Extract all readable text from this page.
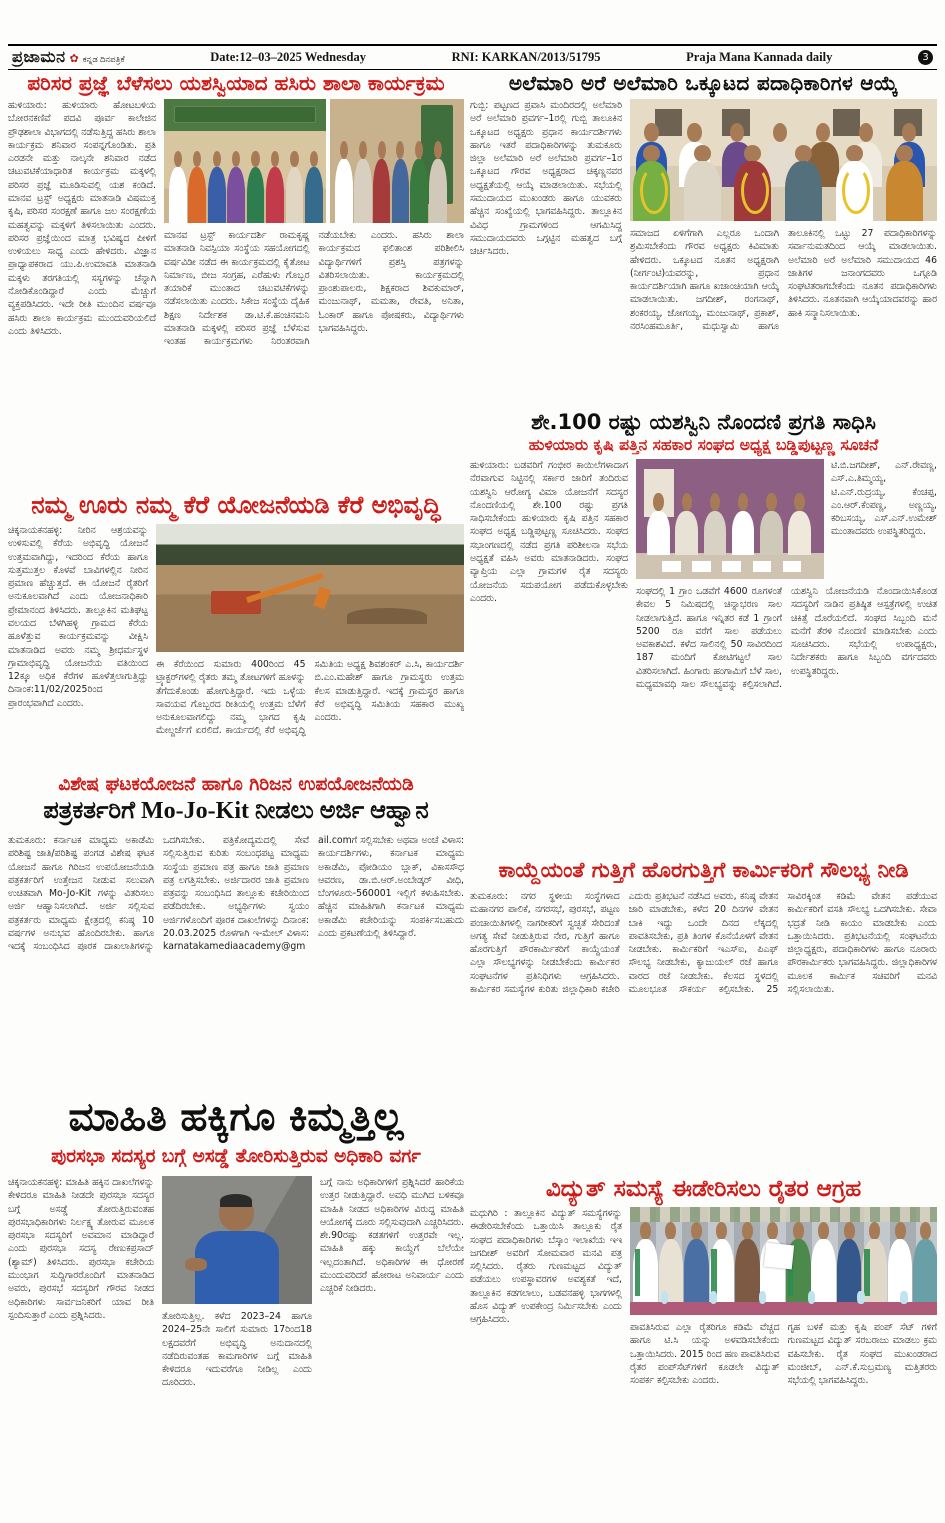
ಪ್ರಜಾಮನ ✿ ಕನ್ನಡ ದಿನಪತ್ರಿಕೆ	Date:12–03–2025 Wednesday	RNI: KARKAN/2013/51795	Praja Mana Kannada daily	3
ಪರಿಸರ ಪ್ರಜ್ಞೆ ಬೆಳೆಸಲು ಯಶಸ್ವಿಯಾದ ಹಸಿರು ಶಾಲಾ ಕಾರ್ಯಕ್ರಮ
ಹುಳಿಯಾರು: ಹುಳಿಯಾರು ಹೋಟಬಳಿಯ ಬೋರನಕಣಿವೆ ಪದವಿ ಪೂರ್ವ ಕಾಲೇಜಿನ ಪ್ರೌಢಶಾಲಾ ವಿಭಾಗದಲ್ಲಿ ನಡೆಸುತ್ತಿದ್ದ ಹಸಿರು ಶಾಲಾ ಕಾರ್ಯಕ್ರಮ ಶನಿವಾರ ಸಂಪನ್ನಗೊಂಡಿತು. ಪ್ರತಿ ಎರಡನೇ ಮತ್ತು ನಾಲ್ಕನೇ ಶನಿವಾರ ನಡೆದ ಚಟುವಟಿಕೆಯಾಧಾರಿತ ಕಾರ್ಯಕ್ರಮ ಮಕ್ಕಳಲ್ಲಿ ಪರಿಸರ ಪ್ರಜ್ಞೆ ಮೂಡಿಸುವಲ್ಲಿ ಯಶ ಕಂಡಿದೆ. ಮಾನವ ಟ್ರಸ್ಟ್ ಅಧ್ಯಕ್ಷರು ಮಾತನಾಡಿ ವಿಷಮುಕ್ತ ಕೃಷಿ, ಪರಿಸರ ಸಂರಕ್ಷಣೆ ಹಾಗೂ ಜಲ ಸಂರಕ್ಷಣೆಯ ಮಹತ್ವವನ್ನು ಮಕ್ಕಳಿಗೆ ತಿಳಿಸಲಾಯಿತು ಎಂದರು. ಪರಿಸರ ಪ್ರಜ್ಞೆಯಿಂದ ಮಾತ್ರ ಭವಿಷ್ಯದ ಪೀಳಿಗೆ ಉಳಿಯಲು ಸಾಧ್ಯ ಎಂದು ಹೇಳಿದರು. ವಿಜ್ಞಾನ ಪ್ರಾಧ್ಯಾಪಕರಾದ ಯು.ಪಿ.ಉಮಾವತಿ ಮಾತನಾಡಿ ಮಕ್ಕಳು ತರಗತಿಯಲ್ಲಿ ಸಸ್ಯಗಳನ್ನು ಚೆನ್ನಾಗಿ ನೋಡಿಕೊಂಡಿದ್ದಾರೆ ಎಂದು ಮೆಚ್ಚುಗೆ ವ್ಯಕ್ತಪಡಿಸಿದರು. ಇದೇ ರೀತಿ ಮುಂದಿನ ವರ್ಷವೂ ಹಸಿರು ಶಾಲಾ ಕಾರ್ಯಕ್ರಮ ಮುಂದುವರಿಯಲಿದೆ ಎಂದು ತಿಳಿಸಿದರು.
ಮಾನವ ಟ್ರಸ್ಟ್ ಕಾರ್ಯದರ್ಶಿ ರಾಮಕೃಷ್ಣ ಮಾತನಾಡಿ ನಿವಸ್ಪಿಯಾ ಸಂಸ್ಥೆಯ ಸಹಯೋಗದಲ್ಲಿ ವರ್ಷವಿಡೀ ನಡೆದ ಈ ಕಾರ್ಯಕ್ರಮದಲ್ಲಿ ಕೈತೋಟ ನಿರ್ಮಾಣ, ಬೀಜ ಸಂಗ್ರಹ, ಎರೆಹುಳು ಗೊಬ್ಬರ ತಯಾರಿಕೆ ಮುಂತಾದ ಚಟುವಟಿಕೆಗಳನ್ನು ನಡೆಸಲಾಯಿತು ಎಂದರು. ಸಿಕೇಜ ಸಂಸ್ಥೆಯ ದೈಹಿಕ ಶಿಕ್ಷಣ ನಿರ್ದೇಶಕ ಡಾ.ಟಿ.ಕೆ.ಹಂಚಿನಮನಿ ಮಾತನಾಡಿ ಮಕ್ಕಳಲ್ಲಿ ಪರಿಸರ ಪ್ರಜ್ಞೆ ಬೆಳೆಸುವ ಇಂತಹ ಕಾರ್ಯಕ್ರಮಗಳು ನಿರಂತರವಾಗಿ ನಡೆಯಬೇಕು ಎಂದರು. ಹಸಿರು ಶಾಲಾ ಕಾರ್ಯಕ್ರಮದ ಫಲಿತಾಂಶ ಪರಿಶೀಲಿಸಿ ವಿದ್ಯಾರ್ಥಿಗಳಿಗೆ ಪ್ರಶಸ್ತಿ ಪತ್ರಗಳನ್ನು ವಿತರಿಸಲಾಯಿತು. ಕಾರ್ಯಕ್ರಮದಲ್ಲಿ ಪ್ರಾಂಶುಪಾಲರು, ಶಿಕ್ಷಕರಾದ ಶಿವಕುಮಾರ್, ಮಂಜುನಾಥ್, ಮಮತಾ, ರೇವತಿ, ಅನಿತಾ, ಓಂಕಾರ್ ಹಾಗೂ ಪೋಷಕರು, ವಿದ್ಯಾರ್ಥಿಗಳು ಭಾಗವಹಿಸಿದ್ದರು.
ಅಲೆಮಾರಿ ಅರೆ ಅಲೆಮಾರಿ ಒಕ್ಕೂಟದ ಪದಾಧಿಕಾರಿಗಳ ಆಯ್ಕೆ
ಗುಬ್ಬಿ: ಪಟ್ಟಣದ ಪ್ರವಾಸಿ ಮಂದಿರದಲ್ಲಿ ಅಲೆಮಾರಿ ಅರೆ ಅಲೆಮಾರಿ ಪ್ರವರ್ಗ–1ರಲ್ಲಿ ಗುಬ್ಬಿ ತಾಲೂಕಿನ ಒಕ್ಕೂಟದ ಅಧ್ಯಕ್ಷರು ಪ್ರಧಾನ ಕಾರ್ಯದರ್ಶಿಗಳು ಹಾಗೂ ಇತರೆ ಪದಾಧಿಕಾರಿಗಳನ್ನು ತುಮಕೂರು ಜಿಲ್ಲಾ ಅಲೆಮಾರಿ ಅರೆ ಅಲೆಮಾರಿ ಪ್ರವರ್ಗ–1ರ ಒಕ್ಕೂಟದ ಗೌರವ ಅಧ್ಯಕ್ಷರಾದ ಚಿಕ್ಕಣ್ಣನವರ ಅಧ್ಯಕ್ಷತೆಯಲ್ಲಿ ಆಯ್ಕೆ ಮಾಡಲಾಯಿತು. ಸಭೆಯಲ್ಲಿ ಸಮುದಾಯದ ಮುಖಂಡರು ಹಾಗೂ ಯುವಕರು ಹೆಚ್ಚಿನ ಸಂಖ್ಯೆಯಲ್ಲಿ ಭಾಗವಹಿಸಿದ್ದರು. ತಾಲ್ಲೂಕಿನ ವಿವಿಧ ಗ್ರಾಮಗಳಿಂದ ಆಗಮಿಸಿದ್ದ ಸಮುದಾಯದವರು ಒಗ್ಗಟ್ಟಿನ ಮಹತ್ವದ ಬಗ್ಗೆ ಚರ್ಚಿಸಿದರು.
ಸಮಾಜದ ಏಳಿಗೆಗಾಗಿ ಎಲ್ಲರೂ ಒಂದಾಗಿ ಶ್ರಮಿಸಬೇಕೆಂದು ಗೌರವ ಅಧ್ಯಕ್ಷರು ಕಿವಿಮಾತು ಹೇಳಿದರು. ಒಕ್ಕೂಟದ ನೂತನ ಅಧ್ಯಕ್ಷರಾಗಿ (ನೀರ್ಗಂಟಿ)ಯವರನ್ನು, ಪ್ರಧಾನ ಕಾರ್ಯದರ್ಶಿಯಾಗಿ ಹಾಗೂ ಖಜಾಂಚಿಯಾಗಿ ಆಯ್ಕೆ ಮಾಡಲಾಯಿತು. ಜಗದೀಶ್, ರಂಗನಾಥ್, ಶಂಕರಯ್ಯ, ಜೋಗಯ್ಯ, ಮಂಜುನಾಥ್, ಪ್ರಕಾಶ್, ನರಸಿಂಹಮೂರ್ತಿ, ಮಧುಸ್ವಾಮಿ ಹಾಗೂ ತಾಲೂಕಿನಲ್ಲಿ ಒಟ್ಟು 27 ಪದಾಧಿಕಾರಿಗಳನ್ನು ಸರ್ವಾನುಮತದಿಂದ ಆಯ್ಕೆ ಮಾಡಲಾಯಿತು. ಅಲೆಮಾರಿ ಅರೆ ಅಲೆಮಾರಿ ಸಮುದಾಯದ 46 ಜಾತಿಗಳ ಜನಾಂಗದವರು ಒಗ್ಗೂಡಿ ಸಂಘಟಿತರಾಗಬೇಕೆಂದು ನೂತನ ಪದಾಧಿಕಾರಿಗಳು ತಿಳಿಸಿದರು. ನೂತನವಾಗಿ ಆಯ್ಕೆಯಾದವರನ್ನು ಹಾರ ಹಾಕಿ ಸನ್ಮಾನಿಸಲಾಯಿತು.
ಶೇ.100 ರಷ್ಟು ಯಶಸ್ವಿನಿ ನೊಂದಣಿ ಪ್ರಗತಿ ಸಾಧಿಸಿ
ಹುಳಿಯಾರು ಕೃಷಿ ಪತ್ತಿನ ಸಹಕಾರ ಸಂಘದ ಅಧ್ಯಕ್ಷ ಬಡ್ಡಿಪುಟ್ಟಣ್ಣ ಸೂಚನೆ
ಹುಳಿಯಾರು: ಬಡವರಿಗೆ ಗಂಭೀರ ಕಾಯಿಲೆಗಳಾದಾಗ ನೆರವಾಗುವ ನಿಟ್ಟಿನಲ್ಲಿ ಸರ್ಕಾರ ಜಾರಿಗೆ ತಂದಿರುವ ಯಶಸ್ವಿನಿ ಆರೋಗ್ಯ ವಿಮಾ ಯೋಜನೆಗೆ ಸದಸ್ಯರ ನೊಂದಣಿಯಲ್ಲಿ ಶೇ.100 ರಷ್ಟು ಪ್ರಗತಿ ಸಾಧಿಸಬೇಕೆಂದು ಹುಳಿಯಾರು ಕೃಷಿ ಪತ್ತಿನ ಸಹಕಾರ ಸಂಘದ ಅಧ್ಯಕ್ಷ ಬಡ್ಡಿಪುಟ್ಟಣ್ಣ ಸೂಚಿಸಿದರು. ಸಂಘದ ಸಭಾಂಗಣದಲ್ಲಿ ನಡೆದ ಪ್ರಗತಿ ಪರಿಶೀಲನಾ ಸಭೆಯ ಅಧ್ಯಕ್ಷತೆ ವಹಿಸಿ ಅವರು ಮಾತನಾಡಿದರು. ಸಂಘದ ವ್ಯಾಪ್ತಿಯ ಎಲ್ಲಾ ಗ್ರಾಮಗಳ ರೈತ ಸದಸ್ಯರು ಯೋಜನೆಯ ಸದುಪಯೋಗ ಪಡೆದುಕೊಳ್ಳಬೇಕು ಎಂದರು.
ಟಿ.ಬಿ.ಜಗದೀಶ್, ಎನ್.ರೇವಣ್ಣ, ಎಸ್.ಎ.ತಿಮ್ಮಯ್ಯ, ಟಿ.ಎನ್.ರುದ್ರಯ್ಯ, ಕೆಂಚಪ್ಪ, ಎಂ.ಆರ್.ಕೆಂಪಣ್ಣ, ಅಣ್ಣಯ್ಯ, ಕರಿಬಸಯ್ಯ, ಎಸ್.ಎನ್.ಉಮೇಶ್ ಮುಂತಾದವರು ಉಪಸ್ಥಿತರಿದ್ದರು.
ಸಂಘದಲ್ಲಿ 1 ಗ್ರಾಂ ಒಡವೆಗೆ 4600 ರೂಗಳಂತೆ ಕೇವಲ 5 ನಿಮಿಷದಲ್ಲಿ ಚಿನ್ನಾಭರಣ ಸಾಲ ನೀಡಲಾಗುತ್ತಿದೆ. ಹಾಗೂ ಇನ್ನಿತರ ಕಡೆ 1 ಗ್ರಾಂಗೆ 5200 ರೂ ವರೆಗೆ ಸಾಲ ಪಡೆಯಲು ಅವಕಾಶವಿದೆ. ಕಳೆದ ಸಾಲಿನಲ್ಲಿ 50 ಸಾವಿರದಿಂದ 187 ಮಂದಿಗೆ ಕೋಟಿಗಟ್ಟಲೆ ಸಾಲ ವಿತರಿಸಲಾಗಿದೆ. ಹಿಂಗಾರು ಹಂಗಾಮಿಗೆ ಬೆಳೆ ಸಾಲ, ಮಧ್ಯಮಾವಧಿ ಸಾಲ ಸೌಲಭ್ಯವನ್ನು ಕಲ್ಪಿಸಲಾಗಿದೆ. ಯಶಸ್ವಿನಿ ಯೋಜನೆಯಡಿ ನೊಂದಾಯಿಸಿಕೊಂಡ ಸದಸ್ಯರಿಗೆ ನಾಡಿನ ಪ್ರತಿಷ್ಠಿತ ಆಸ್ಪತ್ರೆಗಳಲ್ಲಿ ಉಚಿತ ಚಿಕಿತ್ಸೆ ದೊರೆಯಲಿದೆ. ಸಂಘದ ಸಿಬ್ಬಂದಿ ಮನೆ ಮನೆಗೆ ತೆರಳಿ ನೊಂದಣಿ ಮಾಡಿಸಬೇಕು ಎಂದು ಸೂಚಿಸಿದರು. ಸಭೆಯಲ್ಲಿ ಉಪಾಧ್ಯಕ್ಷರು, ನಿರ್ದೇಶಕರು ಹಾಗೂ ಸಿಬ್ಬಂದಿ ವರ್ಗದವರು ಉಪಸ್ಥಿತರಿದ್ದರು.
ನಮ್ಮ ಊರು ನಮ್ಮ ಕೆರೆ ಯೋಜನೆಯಡಿ ಕೆರೆ ಅಭಿವೃದ್ಧಿ
ಚಿಕ್ಕನಾಯಕನಹಳ್ಳಿ: ನೀರಿನ ಆಶ್ರಯವನ್ನು ಉಳಿಸುವಲ್ಲಿ ಕೆರೆಯ ಅಭಿವೃದ್ಧಿ ಯೋಜನೆ ಉತ್ತಮವಾಗಿದ್ದು, ಇದರಿಂದ ಕೆರೆಯ ಹಾಗೂ ಸುತ್ತಮುತ್ತಲ ಕೊಳವೆ ಬಾವಿಗಳಲ್ಲಿನ ನೀರಿನ ಪ್ರಮಾಣ ಹೆಚ್ಚುತ್ತದೆ. ಈ ಯೋಜನೆ ರೈತರಿಗೆ ಅನುಕೂಲವಾಗಿದೆ ಎಂದು ಯೋಜನಾಧಿಕಾರಿ ಪ್ರೇಮಾನಂದ ತಿಳಿಸಿದರು. ತಾಲ್ಲೂಕಿನ ಮತಿಘಟ್ಟ ವಲಯದ ಬೆಳಗಿಹಳ್ಳಿ ಗ್ರಾಮದ ಕೆರೆಯ ಹೂಳೆತ್ತುವ ಕಾರ್ಯಕ್ರಮವನ್ನು ವೀಕ್ಷಿಸಿ ಮಾತನಾಡಿದ ಅವರು ನಮ್ಮ ಶ್ರೀಧರ್ಮಸ್ಥಳ ಗ್ರಾಮಾಭಿವೃದ್ಧಿ ಯೋಜನೆಯ ವತಿಯಿಂದ 12ಕ್ಕೂ ಅಧಿಕ ಕೆರೆಗಳ ಹೂಳೆತ್ತಲಾಗುತ್ತಿದ್ದು ದಿನಾಂಕ:11/02/2025ರಿಂದ ಪ್ರಾರಂಭವಾಗಿದೆ ಎಂದರು.
ಈ ಕೆರೆಯಿಂದ ಸುಮಾರು 400ರಿಂದ 45 ಟ್ರ್ಯಾಕ್ಟರ್‌ಗಳಲ್ಲಿ ರೈತರು ತಮ್ಮ ತೋಟಗಳಿಗೆ ಹೂಳನ್ನು ತೆಗೆದುಕೊಂಡು ಹೋಗುತ್ತಿದ್ದಾರೆ. ಇದು ಒಳ್ಳೆಯ ಸಾವಯವ ಗೊಬ್ಬರದ ರೀತಿಯಲ್ಲಿ ಉತ್ತಮ ಬೆಳೆಗೆ ಅನುಕೂಲವಾಗಲಿದ್ದು ನಮ್ಮ ಭಾಗದ ಕೃಷಿ ಮೇಲ್ದರ್ಜೆಗೆ ಏರಲಿದೆ. ಕಾರ್ಯದಲ್ಲಿ ಕೆರೆ ಅಭಿವೃದ್ಧಿ ಸಮಿತಿಯ ಅಧ್ಯಕ್ಷ ಶಿವಶಂಕರ್ ಎ.ಸಿ, ಕಾರ್ಯದರ್ಶಿ ಬಿ.ಎಂ.ಮಹೇಶ್ ಹಾಗೂ ಗ್ರಾಮಸ್ಥರು ಉತ್ತಮ ಕೆಲಸ ಮಾಡುತ್ತಿದ್ದಾರೆ. ಇದಕ್ಕೆ ಗ್ರಾಮಸ್ಥರ ಹಾಗೂ ಕೆರೆ ಅಭಿವೃದ್ಧಿ ಸಮಿತಿಯ ಸಹಕಾರ ಮುಖ್ಯ ಎಂದರು.
ವಿಶೇಷ ಘಟಕಯೋಜನೆ ಹಾಗೂ ಗಿರಿಜನ ಉಪಯೋಜನೆಯಡಿ
ಪತ್ರಕರ್ತರಿಗೆ Mo-Jo-Kit ನೀಡಲು ಅರ್ಜಿ ಆಹ್ವಾನ
ತುಮಕೂರು: ಕರ್ನಾಟಕ ಮಾಧ್ಯಮ ಅಕಾಡೆಮಿ ಪರಿಶಿಷ್ಟ ಜಾತಿ/ಪರಿಶಿಷ್ಟ ಪಂಗಡ ವಿಶೇಷ ಘಟಕ ಯೋಜನೆ ಹಾಗೂ ಗಿರಿಜನ ಉಪಯೋಜನೆಯಡಿ ಪತ್ರಕರ್ತರಿಗೆ ಉತ್ತೇಜನ ನೀಡುವ ಸಲುವಾಗಿ ಉಚಿತವಾಗಿ Mo-Jo-Kit ಗಳನ್ನು ವಿತರಿಸಲು ಅರ್ಜಿ ಆಹ್ವಾನಿಸಲಾಗಿದೆ. ಅರ್ಜಿ ಸಲ್ಲಿಸುವ ಪತ್ರಕರ್ತರು ಮಾಧ್ಯಮ ಕ್ಷೇತ್ರದಲ್ಲಿ ಕನಿಷ್ಠ 10 ವರ್ಷಗಳ ಅನುಭವ ಹೊಂದಿರಬೇಕು. ಹಾಗೂ ಇದಕ್ಕೆ ಸಂಬಂಧಿಸಿದ ಪೂರಕ ದಾಖಲಾತಿಗಳನ್ನು ಒದಗಿಸಬೇಕು. ಪತ್ರಿಕೋದ್ಯಮದಲ್ಲಿ ಸೇವೆ ಸಲ್ಲಿಸುತ್ತಿರುವ ಕುರಿತು ಸಂಬಂಧಪಟ್ಟ ಮಾಧ್ಯಮ ಸಂಸ್ಥೆಯ ಪ್ರಮಾಣ ಪತ್ರ ಹಾಗೂ ಜಾತಿ ಪ್ರಮಾಣ ಪತ್ರ ಲಗತ್ತಿಸಬೇಕು. ಅರ್ಜಿದಾರರ ಜಾತಿ ಪ್ರಮಾಣ ಪತ್ರವನ್ನು ಸಂಬಂಧಿಸಿದ ತಾಲ್ಲೂಕು ಕಚೇರಿಯಿಂದ ಪಡೆದಿರಬೇಕು. ಅಭ್ಯರ್ಥಿಗಳು ಸ್ವಯಂ ಅರ್ಜಿಗಳೊಂದಿಗೆ ಪೂರಕ ದಾಖಲೆಗಳನ್ನು ದಿನಾಂಕ: 20.03.2025 ರೊಳಗಾಗಿ ಇ-ಮೇಲ್ ವಿಳಾಸ: karnatakamediaacademy@gmail.comಗೆ ಸಲ್ಲಿಸಬೇಕು ಅಥವಾ ಅಂಚೆ ವಿಳಾಸ: ಕಾರ್ಯದರ್ಶಿಗಳು, ಕರ್ನಾಟಕ ಮಾಧ್ಯಮ ಅಕಾಡೆಮಿ, ಪೋಡಿಯಂ ಬ್ಲಾಕ್, ವಿಕಾಸಸೌಧ ಆವರಣ, ಡಾ.ಬಿ.ಆರ್.ಅಂಬೇಡ್ಕರ್ ವೀಧಿ, ಬೆಂಗಳೂರು-560001 ಇಲ್ಲಿಗೆ ಕಳುಹಿಸಬೇಕು. ಹೆಚ್ಚಿನ ಮಾಹಿತಿಗಾಗಿ ಕರ್ನಾಟಕ ಮಾಧ್ಯಮ ಅಕಾಡೆಮಿ ಕಚೇರಿಯನ್ನು ಸಂಪರ್ಕಿಸಬಹುದು ಎಂದು ಪ್ರಕಟಣೆಯಲ್ಲಿ ತಿಳಿಸಿದ್ದಾರೆ.
ಕಾಯ್ದೆಯಂತೆ ಗುತ್ತಿಗೆ ಹೊರಗುತ್ತಿಗೆ ಕಾರ್ಮಿಕರಿಗೆ ಸೌಲಭ್ಯ ನೀಡಿ
ತುಮಕೂರು: ನಗರ ಸ್ಥಳೀಯ ಸಂಸ್ಥೆಗಳಾದ ಮಹಾನಗರ ಪಾಲಿಕೆ, ನಗರಸಭೆ, ಪುರಸಭೆ, ಪಟ್ಟಣ ಪಂಚಾಯಿತಿಗಳಲ್ಲಿ ನಾಗರೀಕರಿಗೆ ಸ್ವಚ್ಛತೆ ಸೇರಿದಂತೆ ಅಗತ್ಯ ಸೇವೆ ನೀಡುತ್ತಿರುವ ನೇರ, ಗುತ್ತಿಗೆ ಹಾಗೂ ಹೊರಗುತ್ತಿಗೆ ಪೌರಕಾರ್ಮಿಕರಿಗೆ ಕಾಯ್ದೆಯಂತೆ ಎಲ್ಲಾ ಸೌಲಭ್ಯಗಳನ್ನು ನೀಡಬೇಕೆಂದು ಕಾರ್ಮಿಕರ ಸಂಘಟನೆಗಳ ಪ್ರತಿನಿಧಿಗಳು ಆಗ್ರಹಿಸಿದರು. ಕಾರ್ಮಿಕರ ಸಮಸ್ಯೆಗಳ ಕುರಿತು ಜಿಲ್ಲಾಧಿಕಾರಿ ಕಚೇರಿ ಎದುರು ಪ್ರತಿಭಟನೆ ನಡೆಸಿದ ಅವರು, ಕನಿಷ್ಠ ವೇತನ ಜಾರಿ ಮಾಡಬೇಕು, ಕಳೆದ 20 ದಿನಗಳ ವೇತನ ಬಾಕಿ ಇದ್ದು ಒಂದೇ ದಿನದ ಲೆಕ್ಕದಲ್ಲಿ ಪಾವತಿಸಬೇಕು, ಪ್ರತಿ ತಿಂಗಳ ಕೊನೆಯೊಳಗೆ ವೇತನ ನೀಡಬೇಕು. ಕಾರ್ಮಿಕರಿಗೆ ಇಎಸ್ಐ, ಪಿಎಫ್ ಸೌಲಭ್ಯ ನೀಡಬೇಕು, ಕ್ಯಾಜುಯಲ್ ರಜೆ ಹಾಗೂ ವಾರದ ರಜೆ ನೀಡಬೇಕು. ಕೆಲಸದ ಸ್ಥಳದಲ್ಲಿ ಮೂಲಭೂತ ಸೌಕರ್ಯ ಕಲ್ಪಿಸಬೇಕು. 25 ಸಾವಿರಕ್ಕಿಂತ ಕಡಿಮೆ ವೇತನ ಪಡೆಯುವ ಕಾರ್ಮಿಕರಿಗೆ ವಸತಿ ಸೌಲಭ್ಯ ಒದಗಿಸಬೇಕು. ಸೇವಾ ಭದ್ರತೆ ನೀಡಿ ಕಾಯಂ ಮಾಡಬೇಕು ಎಂದು ಒತ್ತಾಯಿಸಿದರು. ಪ್ರತಿಭಟನೆಯಲ್ಲಿ ಸಂಘಟನೆಯ ಜಿಲ್ಲಾಧ್ಯಕ್ಷರು, ಪದಾಧಿಕಾರಿಗಳು ಹಾಗೂ ನೂರಾರು ಪೌರಕಾರ್ಮಿಕರು ಭಾಗವಹಿಸಿದ್ದರು. ಜಿಲ್ಲಾಧಿಕಾರಿಗಳ ಮೂಲಕ ಕಾರ್ಮಿಕ ಸಚಿವರಿಗೆ ಮನವಿ ಸಲ್ಲಿಸಲಾಯಿತು.
ಮಾಹಿತಿ ಹಕ್ಕಿಗೂ ಕಿಮ್ಮತ್ತಿಲ್ಲ
ಪುರಸಭಾ ಸದಸ್ಯರ ಬಗ್ಗೆ ಅಸಡ್ಡೆ ತೋರಿಸುತ್ತಿರುವ ಅಧಿಕಾರಿ ವರ್ಗ
ಚಿಕ್ಕನಾಯಕನಹಳ್ಳಿ: ಮಾಹಿತಿ ಹಕ್ಕಿನ ದಾಖಲೆಗಳನ್ನು ಕೇಳಿದರೂ ಮಾಹಿತಿ ನೀಡದೇ ಪುರಸಭಾ ಸದಸ್ಯರ ಬಗ್ಗೆ ಅಸಡ್ಡೆ ತೋರುತ್ತಿರುವಂತಹ ಪುರಸಭಾಧಿಕಾರಿಗಳು ನಿರ್ಲಕ್ಷ್ಯ ತೋರುವ ಮೂಲಕ ಪುರಸಭಾ ಸದಸ್ಯರಿಗೆ ಅವಮಾನ ಮಾಡಿದ್ದಾರೆ ಎಂದು ಪುರಸಭಾ ಸದಸ್ಯ ರೇಣುಕಪ್ರಸಾದ್ (ಶ್ಯಾಮ್) ತಿಳಿಸಿದರು. ಪುರಸಭಾ ಕಚೇರಿಯ ಮುಂಭಾಗ ಸುದ್ದಿಗಾರರೊಂದಿಗೆ ಮಾತನಾಡಿದ ಅವರು, ಪುರಸಭೆ ಸದಸ್ಯರಿಗೆ ಗೌರವ ನೀಡದ ಅಧಿಕಾರಿಗಳು ಸಾರ್ವಜನಿಕರಿಗೆ ಯಾವ ರೀತಿ ಸ್ಪಂದಿಸುತ್ತಾರೆ ಎಂದು ಪ್ರಶ್ನಿಸಿದರು.	ತೋರಿಸುತ್ತಿಲ್ಲ. ಕಳೆದ 2023–24 ಹಾಗೂ 2024–25ನೇ ಸಾಲಿಗೆ ಸುಮಾರು 17ರಿಂದ18 ಲಕ್ಷದವರೆಗೆ ಅಭಿವೃದ್ಧಿ ಅನುದಾನದಲ್ಲಿ ನಡೆದಿರುವಂತಹ ಕಾಮಗಾರಿಗಳ ಬಗ್ಗೆ ಮಾಹಿತಿ ಕೇಳಿದರೂ ಇದುವರೆಗೂ ನೀಡಿಲ್ಲ ಎಂದು ದೂರಿದರು.
ಬಗ್ಗೆ ನಾನು ಅಧಿಕಾರಿಗಳಿಗೆ ಪ್ರಶ್ನಿಸಿದರೆ ಹಾರಿಕೆಯ ಉತ್ತರ ನೀಡುತ್ತಿದ್ದಾರೆ. ಅವಧಿ ಮುಗಿದ ಬಳಿಕವೂ ಮಾಹಿತಿ ನೀಡದ ಅಧಿಕಾರಿಗಳ ವಿರುದ್ಧ ಮಾಹಿತಿ ಆಯೋಗಕ್ಕೆ ದೂರು ಸಲ್ಲಿಸುವುದಾಗಿ ಎಚ್ಚರಿಸಿದರು. ಶೇ.90ರಷ್ಟು ಕಡತಗಳಿಗೆ ಉತ್ತರವೇ ಇಲ್ಲ. ಮಾಹಿತಿ ಹಕ್ಕು ಕಾಯ್ದೆಗೆ ಬೆಲೆಯೇ ಇಲ್ಲದಂತಾಗಿದೆ. ಅಧಿಕಾರಿಗಳ ಈ ಧೋರಣೆ ಮುಂದುವರಿದರೆ ಹೋರಾಟ ಅನಿವಾರ್ಯ ಎಂದು ಎಚ್ಚರಿಕೆ ನೀಡಿದರು.
ವಿದ್ಯುತ್ ಸಮಸ್ಯೆ ಈಡೇರಿಸಲು ರೈತರ ಆಗ್ರಹ
ಮಧುಗಿರಿ : ತಾಲ್ಲೂಕಿನ ವಿದ್ಯುತ್ ಸಮಸ್ಯೆಗಳನ್ನು ಈಡೇರಿಸಬೇಕೆಂದು ಒತ್ತಾಯಿಸಿ ತಾಲ್ಲೂಕು ರೈತ ಸಂಘದ ಪದಾಧಿಕಾರಿಗಳು ಬೆಸ್ಕಾಂ ಇಲಾಖೆಯ ಇಇ ಜಗದೀಶ್ ಅವರಿಗೆ ಸೋಮವಾರ ಮನವಿ ಪತ್ರ ಸಲ್ಲಿಸಿದರು. ರೈತರು ಗುಣಮಟ್ಟದ ವಿದ್ಯುತ್ ಪಡೆಯಲು ಉಪಸ್ಥಾವರಗಳ ಅವಶ್ಯಕತೆ ಇದೆ, ತಾಲ್ಲೂಕಿನ ಕಡಗಲಾಲು, ಬಡವನಹಳ್ಳಿ ಭಾಗಗಳಲ್ಲಿ ಹೊಸ ವಿದ್ಯುತ್ ಉಪಕೇಂದ್ರ ನಿರ್ಮಿಸಬೇಕು ಎಂದು ಆಗ್ರಹಿಸಿದರು.
ಪಾವತಿಸಿರುವ ಎಲ್ಲಾ ರೈತರಿಗೂ ಕಡಿಮೆ ವೆಚ್ಚದ ಹಾಗೂ ಟಿ.ಸಿ ಯನ್ನು ಅಳವಡಿಸಬೇಕೆಂದು ಒತ್ತಾಯಿಸಿದರು. 2015 ರಿಂದ ಹಣ ಪಾವತಿಸಿರುವ ರೈತರ ಪಂಪ್‌ಸೆಟ್‌ಗಳಿಗೆ ಕೂಡಲೇ ವಿದ್ಯುತ್ ಸಂಪರ್ಕ ಕಲ್ಪಿಸಬೇಕು ಎಂದರು.
ಗೃಹ ಬಳಕೆ ಮತ್ತು ಕೃಷಿ ಪಂಪ್ ಸೆಟ್ ಗಳಿಗೆ ಗುಣಮಟ್ಟದ ವಿದ್ಯುತ್ ಸರಬರಾಜು ಮಾಡಲು ಕ್ರಮ ವಹಿಸಬೇಕು. ರೈತ ಸಂಘದ ಮುಖಂಡರಾದ ಮಂಜೀಬ್, ಎನ್.ಕೆ.ಸುಬ್ರಮಣ್ಯ ಮತ್ತಿತರರು ಸಭೆಯಲ್ಲಿ ಭಾಗವಹಿಸಿದ್ದರು.
